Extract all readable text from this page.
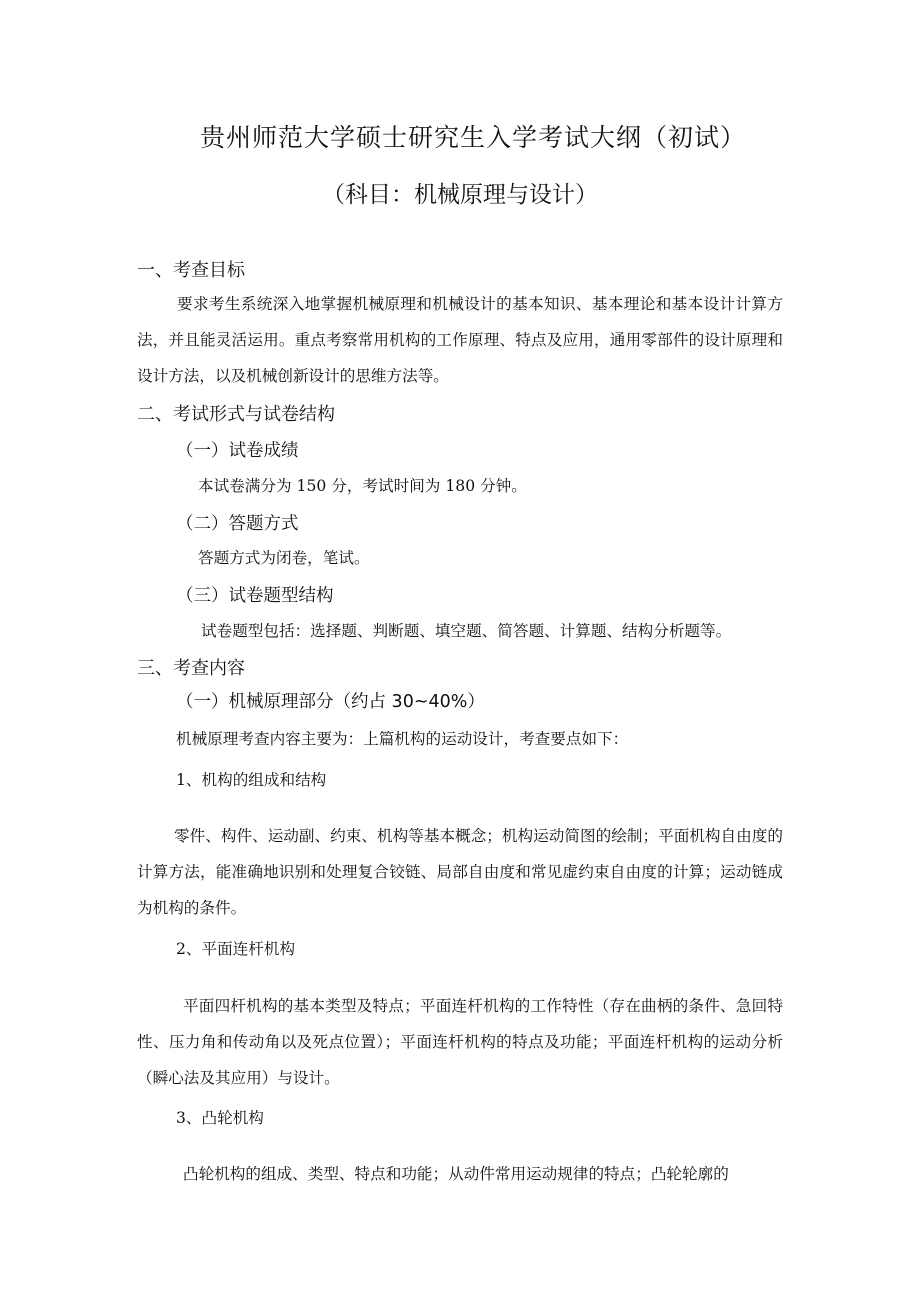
贵州师范大学硕士研究生入学考试大纲（初试）
（科目：机械原理与设计）
一、考查目标
要求考生系统深入地掌握机械原理和机械设计的基本知识、基本理论和基本设计计算方法，并且能灵活运用。重点考察常用机构的工作原理、特点及应用，通用零部件的设计原理和设计方法，以及机械创新设计的思维方法等。
二、考试形式与试卷结构
（一）试卷成绩
本试卷满分为 150 分，考试时间为 180 分钟。
（二）答题方式
答题方式为闭卷，笔试。
（三）试卷题型结构
试卷题型包括：选择题、判断题、填空题、简答题、计算题、结构分析题等。
三、考查内容
（一）机械原理部分（约占 30~40%）
机械原理考查内容主要为：上篇机构的运动设计，考查要点如下：
1、机构的组成和结构
零件、构件、运动副、约束、机构等基本概念；机构运动简图的绘制；平面机构自由度的计算方法，能准确地识别和处理复合铰链、局部自由度和常见虚约束自由度的计算；运动链成为机构的条件。
2、平面连杆机构
平面四杆机构的基本类型及特点；平面连杆机构的工作特性（存在曲柄的条件、急回特性、压力角和传动角以及死点位置）；平面连杆机构的特点及功能；平面连杆机构的运动分析（瞬心法及其应用）与设计。
3、凸轮机构
凸轮机构的组成、类型、特点和功能；从动件常用运动规律的特点；凸轮轮廓的
